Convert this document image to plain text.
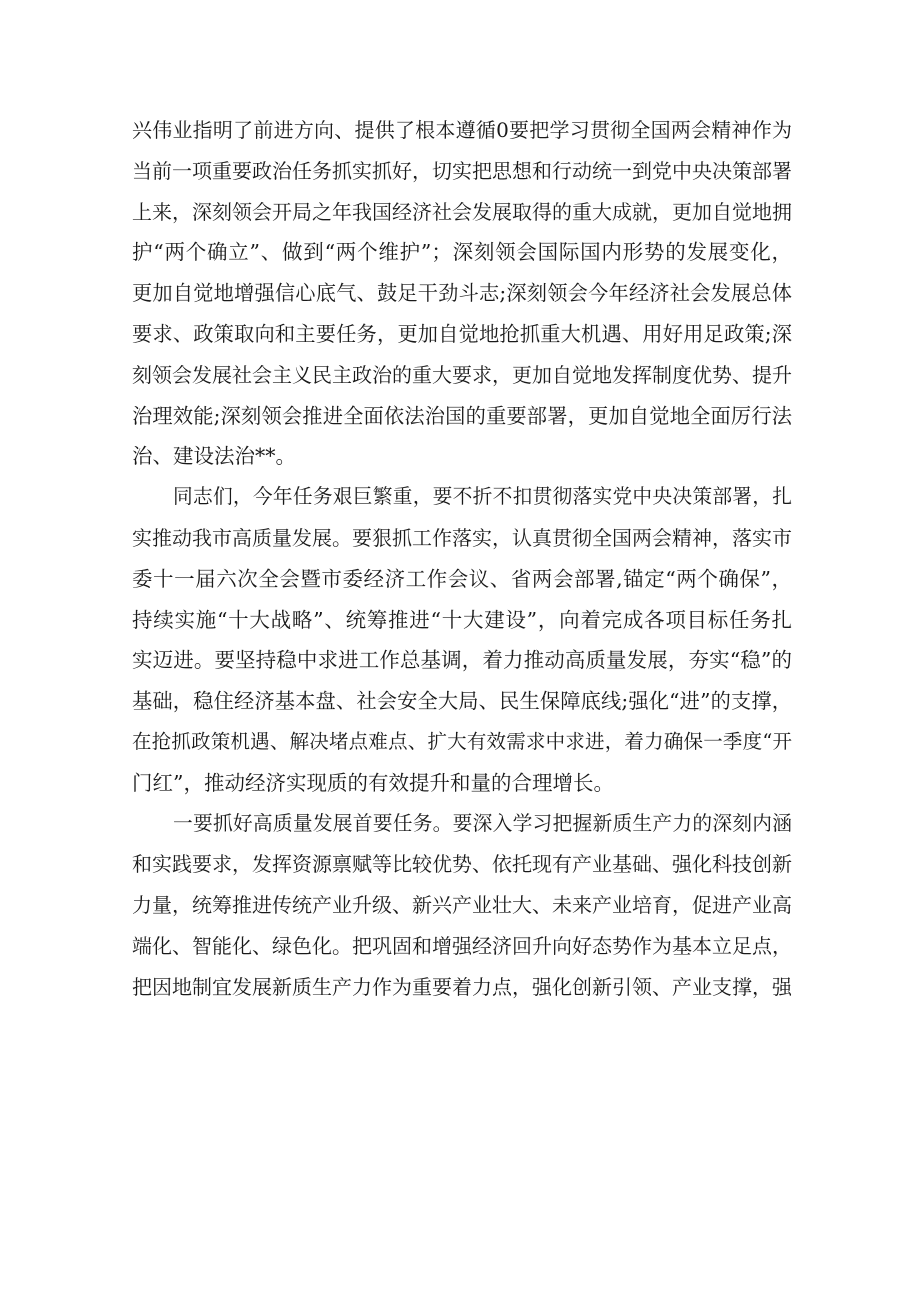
兴伟业指明了前进方向、提供了根本遵循0要把学习贯彻全国两会精神作为
当前一项重要政治任务抓实抓好，切实把思想和行动统一到党中央决策部署
上来，深刻领会开局之年我国经济社会发展取得的重大成就，更加自觉地拥
护“两个确立”、做到“两个维护”；深刻领会国际国内形势的发展变化，
更加自觉地增强信心底气、鼓足干劲斗志;深刻领会今年经济社会发展总体
要求、政策取向和主要任务，更加自觉地抢抓重大机遇、用好用足政策;深
刻领会发展社会主义民主政治的重大要求，更加自觉地发挥制度优势、提升
治理效能;深刻领会推进全面依法治国的重要部署，更加自觉地全面厉行法
治、建设法治**。
同志们，今年任务艰巨繁重，要不折不扣贯彻落实党中央决策部署，扎
实推动我市高质量发展。要狠抓工作落实，认真贯彻全国两会精神，落实市
委十一届六次全会暨市委经济工作会议、省两会部署,锚定“两个确保”，
持续实施“十大战略”、统筹推进“十大建设”，向着完成各项目标任务扎
实迈进。要坚持稳中求进工作总基调，着力推动高质量发展，夯实“稳”的
基础，稳住经济基本盘、社会安全大局、民生保障底线;强化“进”的支撑，
在抢抓政策机遇、解决堵点难点、扩大有效需求中求进，着力确保一季度“开
门红”，推动经济实现质的有效提升和量的合理增长。
一要抓好高质量发展首要任务。要深入学习把握新质生产力的深刻内涵
和实践要求，发挥资源禀赋等比较优势、依托现有产业基础、强化科技创新
力量，统筹推进传统产业升级、新兴产业壮大、未来产业培育，促进产业高
端化、智能化、绿色化。把巩固和增强经济回升向好态势作为基本立足点，
把因地制宜发展新质生产力作为重要着力点，强化创新引领、产业支撑，强
